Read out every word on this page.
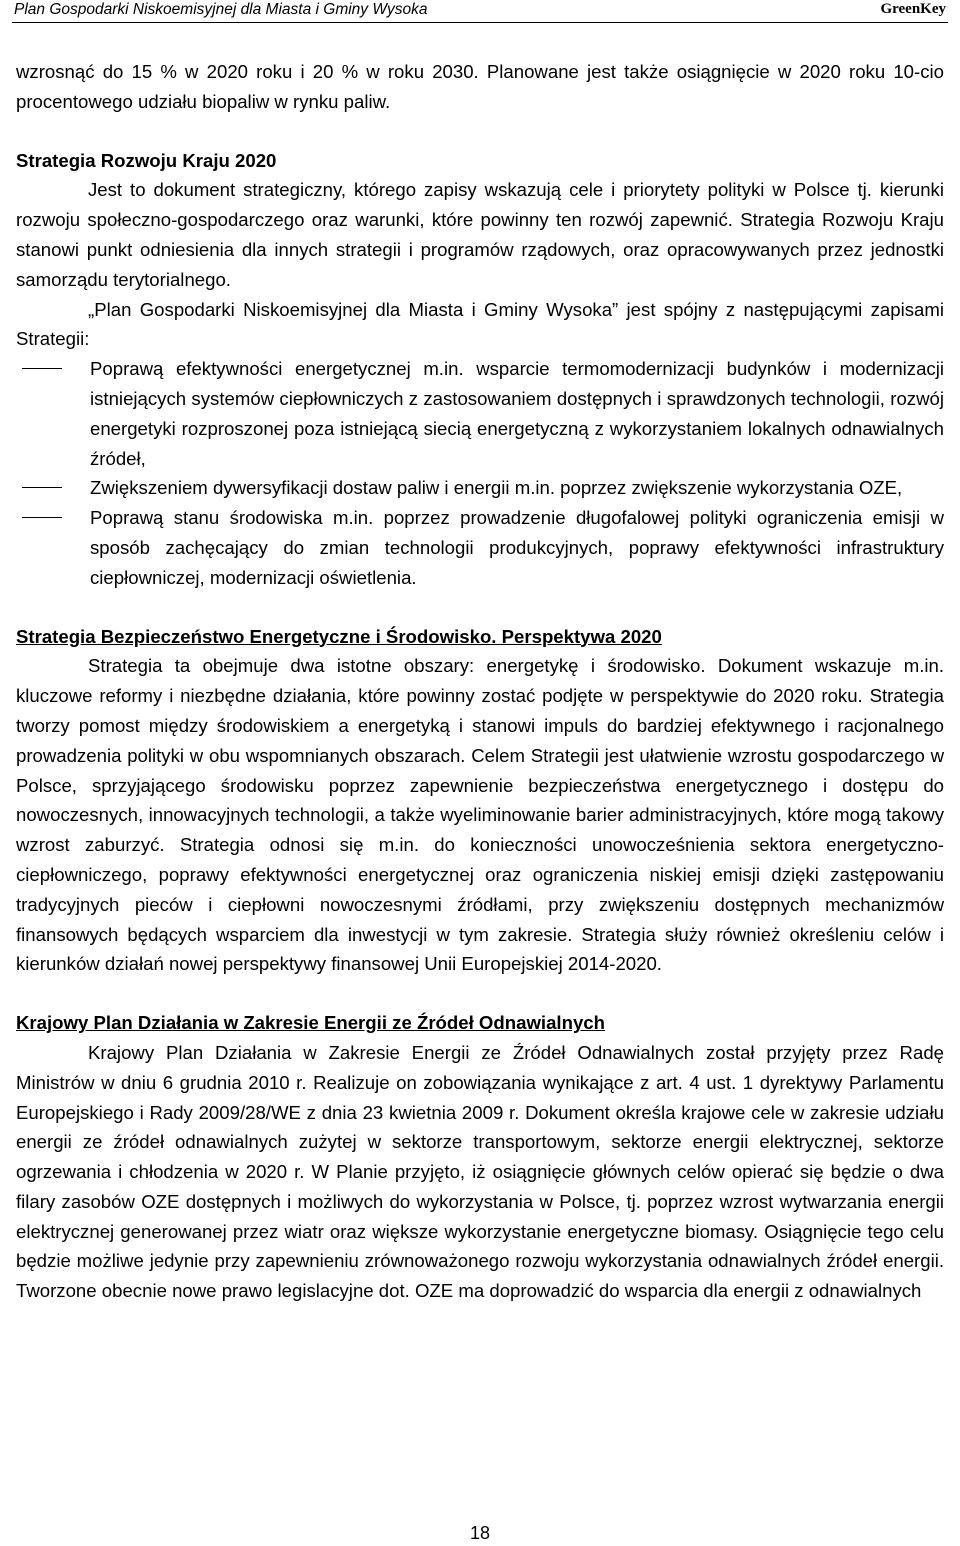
Plan Gospodarki Niskoemisyjnej dla Miasta i Gminy Wysoka	GreenKey

wzrosnąć do 15 % w 2020 roku i 20 % w roku 2030. Planowane jest także osiągnięcie w 2020 roku 10-cio procentowego udziału biopaliw w rynku paliw.

Strategia Rozwoju Kraju 2020

Jest to dokument strategiczny, którego zapisy wskazują cele i priorytety polityki w Polsce tj. kierunki rozwoju społeczno-gospodarczego oraz warunki, które powinny ten rozwój zapewnić. Strategia Rozwoju Kraju stanowi punkt odniesienia dla innych strategii i programów rządowych, oraz opracowywanych przez jednostki samorządu terytorialnego.

„Plan Gospodarki Niskoemisyjnej dla Miasta i Gminy Wysoka” jest spójny z następującymi zapisami Strategii:

Poprawą efektywności energetycznej m.in. wsparcie termomodernizacji budynków i modernizacji istniejących systemów ciepłowniczych z zastosowaniem dostępnych i sprawdzonych technologii, rozwój energetyki rozproszonej poza istniejącą siecią energetyczną z wykorzystaniem lokalnych odnawialnych źródeł,
Zwiększeniem dywersyfikacji dostaw paliw i energii m.in. poprzez zwiększenie wykorzystania OZE,
Poprawą stanu środowiska m.in. poprzez prowadzenie długofalowej polityki ograniczenia emisji w sposób zachęcający do zmian technologii produkcyjnych, poprawy efektywności infrastruktury ciepłowniczej, modernizacji oświetlenia.

Strategia Bezpieczeństwo Energetyczne i Środowisko. Perspektywa 2020

Strategia ta obejmuje dwa istotne obszary: energetykę i środowisko. Dokument wskazuje m.in. kluczowe reformy i niezbędne działania, które powinny zostać podjęte w perspektywie do 2020 roku. Strategia tworzy pomost między środowiskiem a energetyką i stanowi impuls do bardziej efektywnego i racjonalnego prowadzenia polityki w obu wspomnianych obszarach. Celem Strategii jest ułatwienie wzrostu gospodarczego w Polsce, sprzyjającego środowisku poprzez zapewnienie bezpieczeństwa energetycznego i dostępu do nowoczesnych, innowacyjnych technologii, a także wyeliminowanie barier administracyjnych, które mogą takowy wzrost zaburzyć. Strategia odnosi się m.in. do konieczności unowocześnienia sektora energetyczno-ciepłowniczego, poprawy efektywności energetycznej oraz ograniczenia niskiej emisji dzięki zastępowaniu tradycyjnych pieców i ciepłowni nowoczesnymi źródłami, przy zwiększeniu dostępnych mechanizmów finansowych będących wsparciem dla inwestycji w tym zakresie. Strategia służy również określeniu celów i kierunków działań nowej perspektywy finansowej Unii Europejskiej 2014-2020.

Krajowy Plan Działania w Zakresie Energii ze Źródeł Odnawialnych

Krajowy Plan Działania w Zakresie Energii ze Źródeł Odnawialnych został przyjęty przez Radę Ministrów w dniu 6 grudnia 2010 r. Realizuje on zobowiązania wynikające z art. 4 ust. 1 dyrektywy Parlamentu Europejskiego i Rady 2009/28/WE z dnia 23 kwietnia 2009 r. Dokument określa krajowe cele w zakresie udziału energii ze źródeł odnawialnych zużytej w sektorze transportowym, sektorze energii elektrycznej, sektorze ogrzewania i chłodzenia w 2020 r. W Planie przyjęto, iż osiągnięcie głównych celów opierać się będzie o dwa filary zasobów OZE dostępnych i możliwych do wykorzystania w Polsce, tj. poprzez wzrost wytwarzania energii elektrycznej generowanej przez wiatr oraz większe wykorzystanie energetyczne biomasy. Osiągnięcie tego celu będzie możliwe jedynie przy zapewnieniu zrównoważonego rozwoju wykorzystania odnawialnych źródeł energii. Tworzone obecnie nowe prawo legislacyjne dot. OZE ma doprowadzić do wsparcia dla energii z odnawialnych

18
